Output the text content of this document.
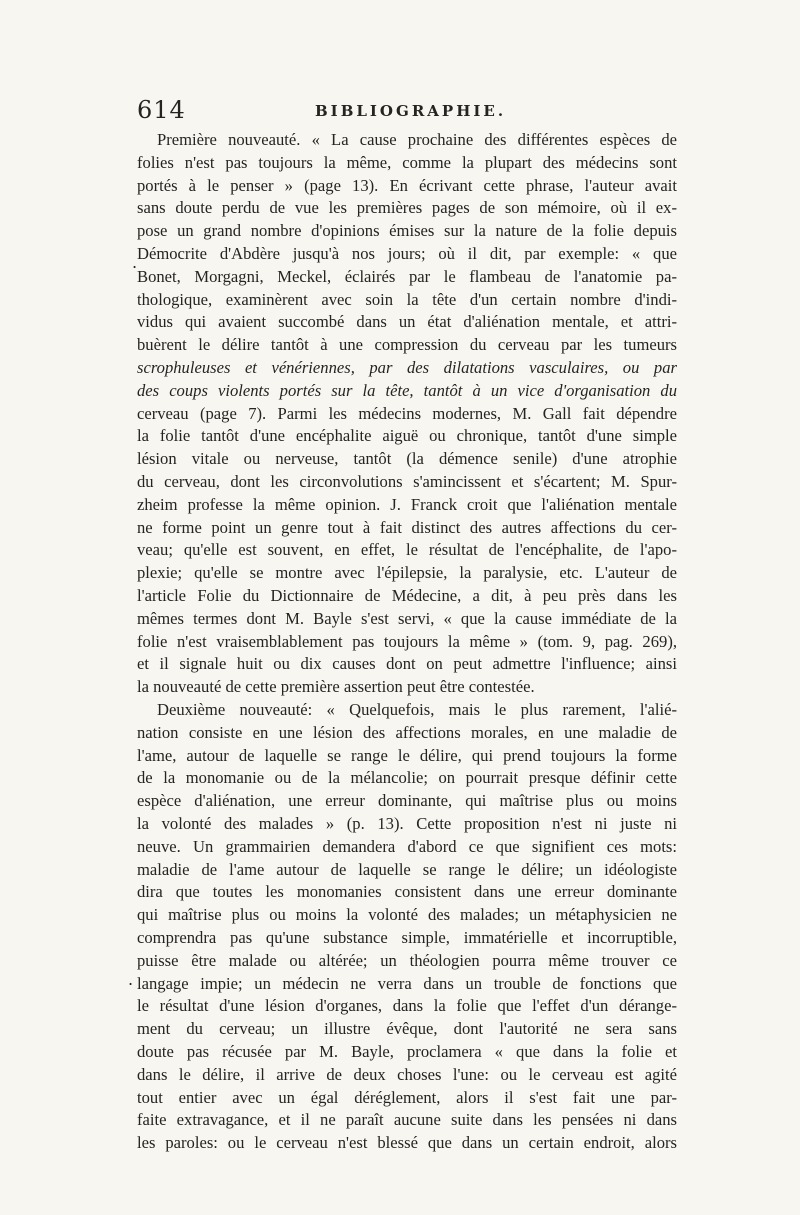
614	BIBLIOGRAPHIE.
.
.
Première nouveauté. « La cause prochaine des différentes espèces de
folies n'est pas toujours la même, comme la plupart des médecins sont
portés à le penser » (page 13). En écrivant cette phrase, l'auteur avait
sans doute perdu de vue les premières pages de son mémoire, où il ex-
pose un grand nombre d'opinions émises sur la nature de la folie depuis
Démocrite d'Abdère jusqu'à nos jours; où il dit, par exemple: « que
Bonet, Morgagni, Meckel, éclairés par le flambeau de l'anatomie pa-
thologique, examinèrent avec soin la tête d'un certain nombre d'indi-
vidus qui avaient succombé dans un état d'aliénation mentale, et attri-
buèrent le délire tantôt à une compression du cerveau par les tumeurs
scrophuleuses et vénériennes, par des dilatations vasculaires, ou par
des coups violents portés sur la tête, tantôt à un vice d'organisation du
cerveau (page 7). Parmi les médecins modernes, M. Gall fait dépendre
la folie tantôt d'une encéphalite aiguë ou chronique, tantôt d'une simple
lésion vitale ou nerveuse, tantôt (la démence senile) d'une atrophie
du cerveau, dont les circonvolutions s'amincissent et s'écartent; M. Spur-
zheim professe la même opinion. J. Franck croit que l'aliénation mentale
ne forme point un genre tout à fait distinct des autres affections du cer-
veau; qu'elle est souvent, en effet, le résultat de l'encéphalite, de l'apo-
plexie; qu'elle se montre avec l'épilepsie, la paralysie, etc. L'auteur de
l'article Folie du Dictionnaire de Médecine, a dit, à peu près dans les
mêmes termes dont M. Bayle s'est servi, « que la cause immédiate de la
folie n'est vraisemblablement pas toujours la même » (tom. 9, pag. 269),
et il signale huit ou dix causes dont on peut admettre l'influence; ainsi
la nouveauté de cette première assertion peut être contestée.
Deuxième nouveauté: « Quelquefois, mais le plus rarement, l'alié-
nation consiste en une lésion des affections morales, en une maladie de
l'ame, autour de laquelle se range le délire, qui prend toujours la forme
de la monomanie ou de la mélancolie; on pourrait presque définir cette
espèce d'aliénation, une erreur dominante, qui maîtrise plus ou moins
la volonté des malades » (p. 13). Cette proposition n'est ni juste ni
neuve. Un grammairien demandera d'abord ce que signifient ces mots:
maladie de l'ame autour de laquelle se range le délire; un idéologiste
dira que toutes les monomanies consistent dans une erreur dominante
qui maîtrise plus ou moins la volonté des malades; un métaphysicien ne
comprendra pas qu'une substance simple, immatérielle et incorruptible,
puisse être malade ou altérée; un théologien pourra même trouver ce
langage impie; un médecin ne verra dans un trouble de fonctions que
le résultat d'une lésion d'organes, dans la folie que l'effet d'un dérange-
ment du cerveau; un illustre évêque, dont l'autorité ne sera sans
doute pas récusée par M. Bayle, proclamera « que dans la folie et
dans le délire, il arrive de deux choses l'une: ou le cerveau est agité
tout entier avec un égal déréglement, alors il s'est fait une par-
faite extravagance, et il ne paraît aucune suite dans les pensées ni dans
les paroles: ou le cerveau n'est blessé que dans un certain endroit, alors
